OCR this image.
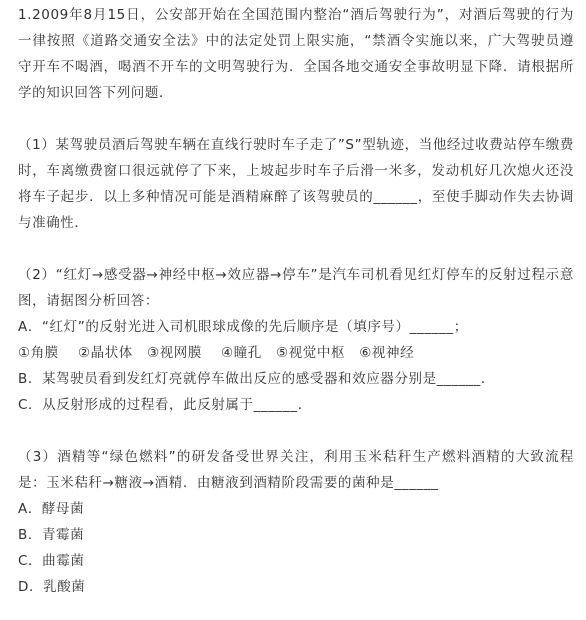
1.2009年8月15日，公安部开始在全国范围内整治“酒后驾驶行为”，对酒后驾驶的行为一律按照《道路交通安全法》中的法定处罚上限实施，“禁酒令实施以来，广大驾驶员遵守开车不喝酒，喝酒不开车的文明驾驶行为．全国各地交通安全事故明显下降．请根据所学的知识回答下列问题．

（1）某驾驶员酒后驾驶车辆在直线行驶时车子走了”S”型轨迹，当他经过收费站停车缴费时，车离缴费窗口很远就停了下来，上坡起步时车子后滑一米多，发动机好几次熄火还没将车子起步．以上多种情况可能是酒精麻醉了该驾驶员的______，至使手脚动作失去协调与准确性．

（2）“红灯→感受器→神经中枢→效应器→停车”是汽车司机看见红灯停车的反射过程示意图，请据图分析回答：

A．“红灯”的反射光进入司机眼球成像的先后顺序是（填序号）______；

①角膜　 ②晶状体　③视网膜　 ④瞳孔　⑤视觉中枢　⑥视神经

B．某驾驶员看到发红灯亮就停车做出反应的感受器和效应器分别是______．

C．从反射形成的过程看，此反射属于______．

（3）酒精等“绿色燃料”的研发备受世界关注，利用玉米秸秆生产燃料酒精的大致流程是：玉米秸秆→糖液→酒精．由糖液到酒精阶段需要的菌种是______

A．酵母菌

B．青霉菌

C．曲霉菌

D．乳酸菌
